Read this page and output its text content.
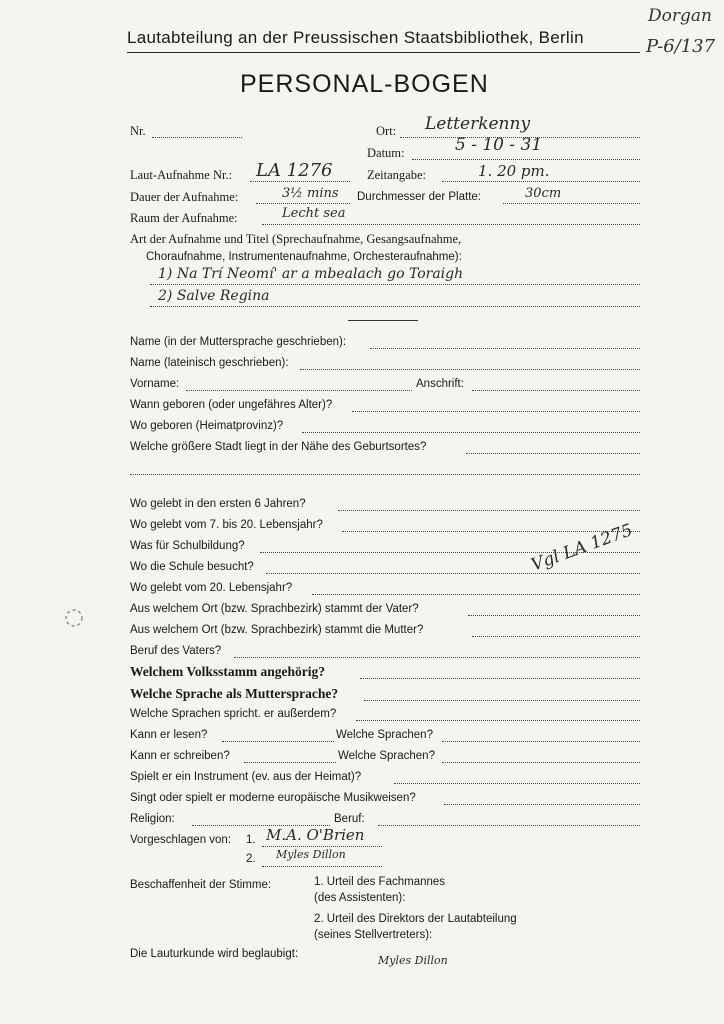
Dorgan
P-6/137
Lautabteilung an der Preussischen Staatsbibliothek, Berlin
PERSONAL-BOGEN
Nr.	Ort: Letterkenny
Datum:	5 - 10 - 31
Laut-Aufnahme Nr.: LA 1276	Zeitangabe:	1. 20 pm.
Dauer der Aufnahme:	3½ mins Durchmesser der Platte:	30cm
Raum der Aufnahme:	Lecht sea
Art der Aufnahme und Titel (Sprechaufnahme, Gesangsaufnahme,
Choraufnahme, Instrumentenaufnahme, Orchesteraufnahme):
1) Na Trí Neomí' ar a mbealach go Toraigh
2) Salve Regina
Name (in der Muttersprache geschrieben):
Name (lateinisch geschrieben):
Vorname:	Anschrift:
Wann geboren (oder ungefähres Alter)?
Wo geboren (Heimatprovinz)?
Welche größere Stadt liegt in der Nähe des Geburtsortes?
Wo gelebt in den ersten 6 Jahren?
Wo gelebt vom 7. bis 20. Lebensjahr?
Was für Schulbildung?
Wo die Schule besucht?
Wo gelebt vom 20. Lebensjahr?
Vgl LA 1275
Aus welchem Ort (bzw. Sprachbezirk) stammt der Vater?
Aus welchem Ort (bzw. Sprachbezirk) stammt die Mutter?
Beruf des Vaters?
Welchem Volksstamm angehörig?
Welche Sprache als Muttersprache?
Welche Sprachen spricht. er außerdem?
Kann er lesen?	Welche Sprachen?
Kann er schreiben?	Welche Sprachen?
Spielt er ein Instrument (ev. aus der Heimat)?
Singt oder spielt er moderne europäische Musikweisen?
Religion:	Beruf:
Vorgeschlagen von: 1. M.A. O'Brien
2. Myles Dillon
Beschaffenheit der Stimme:	1. Urteil des Fachmannes
(des Assistenten):
2. Urteil des Direktors der Lautabteilung
(seines Stellvertreters):
Die Lauturkunde wird beglaubigt:	Myles Dillon
